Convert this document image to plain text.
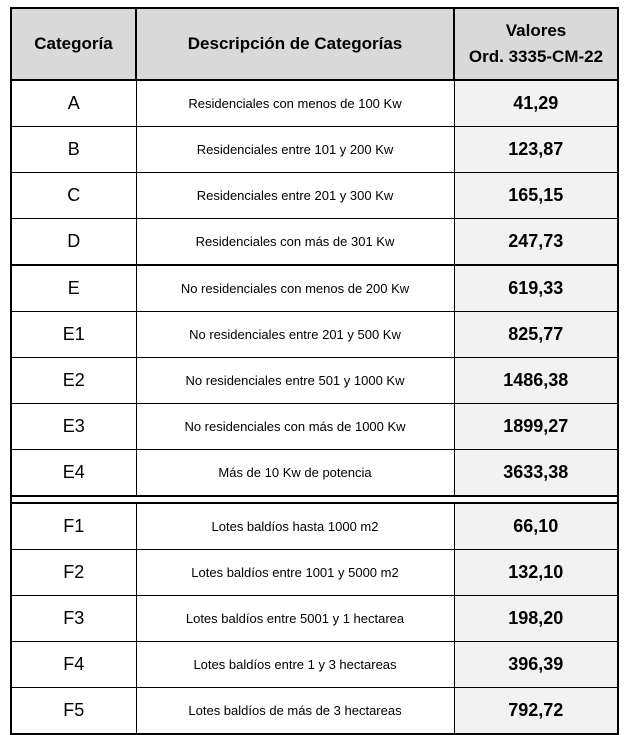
Categoría	Descripción de Categorías	Valores
Ord. 3335-CM-22

A	Residenciales con menos de 100 Kw	41,29
B	Residenciales entre 101 y 200 Kw	123,87
C	Residenciales entre 201 y 300 Kw	165,15
D	Residenciales con más de 301 Kw	247,73
E	No residenciales con menos de 200 Kw	619,33
E1	No residenciales entre 201 y 500 Kw	825,77
E2	No residenciales entre 501 y 1000 Kw	1486,38
E3	No residenciales con más de 1000 Kw	1899,27
E4	Más de 10 Kw de potencia	3633,38

F1	Lotes baldíos hasta 1000 m2	66,10
F2	Lotes baldíos entre 1001 y 5000 m2	132,10
F3	Lotes baldíos entre 5001 y 1 hectarea	198,20
F4	Lotes baldíos entre 1 y 3 hectareas	396,39
F5	Lotes baldíos de más de 3 hectareas	792,72
